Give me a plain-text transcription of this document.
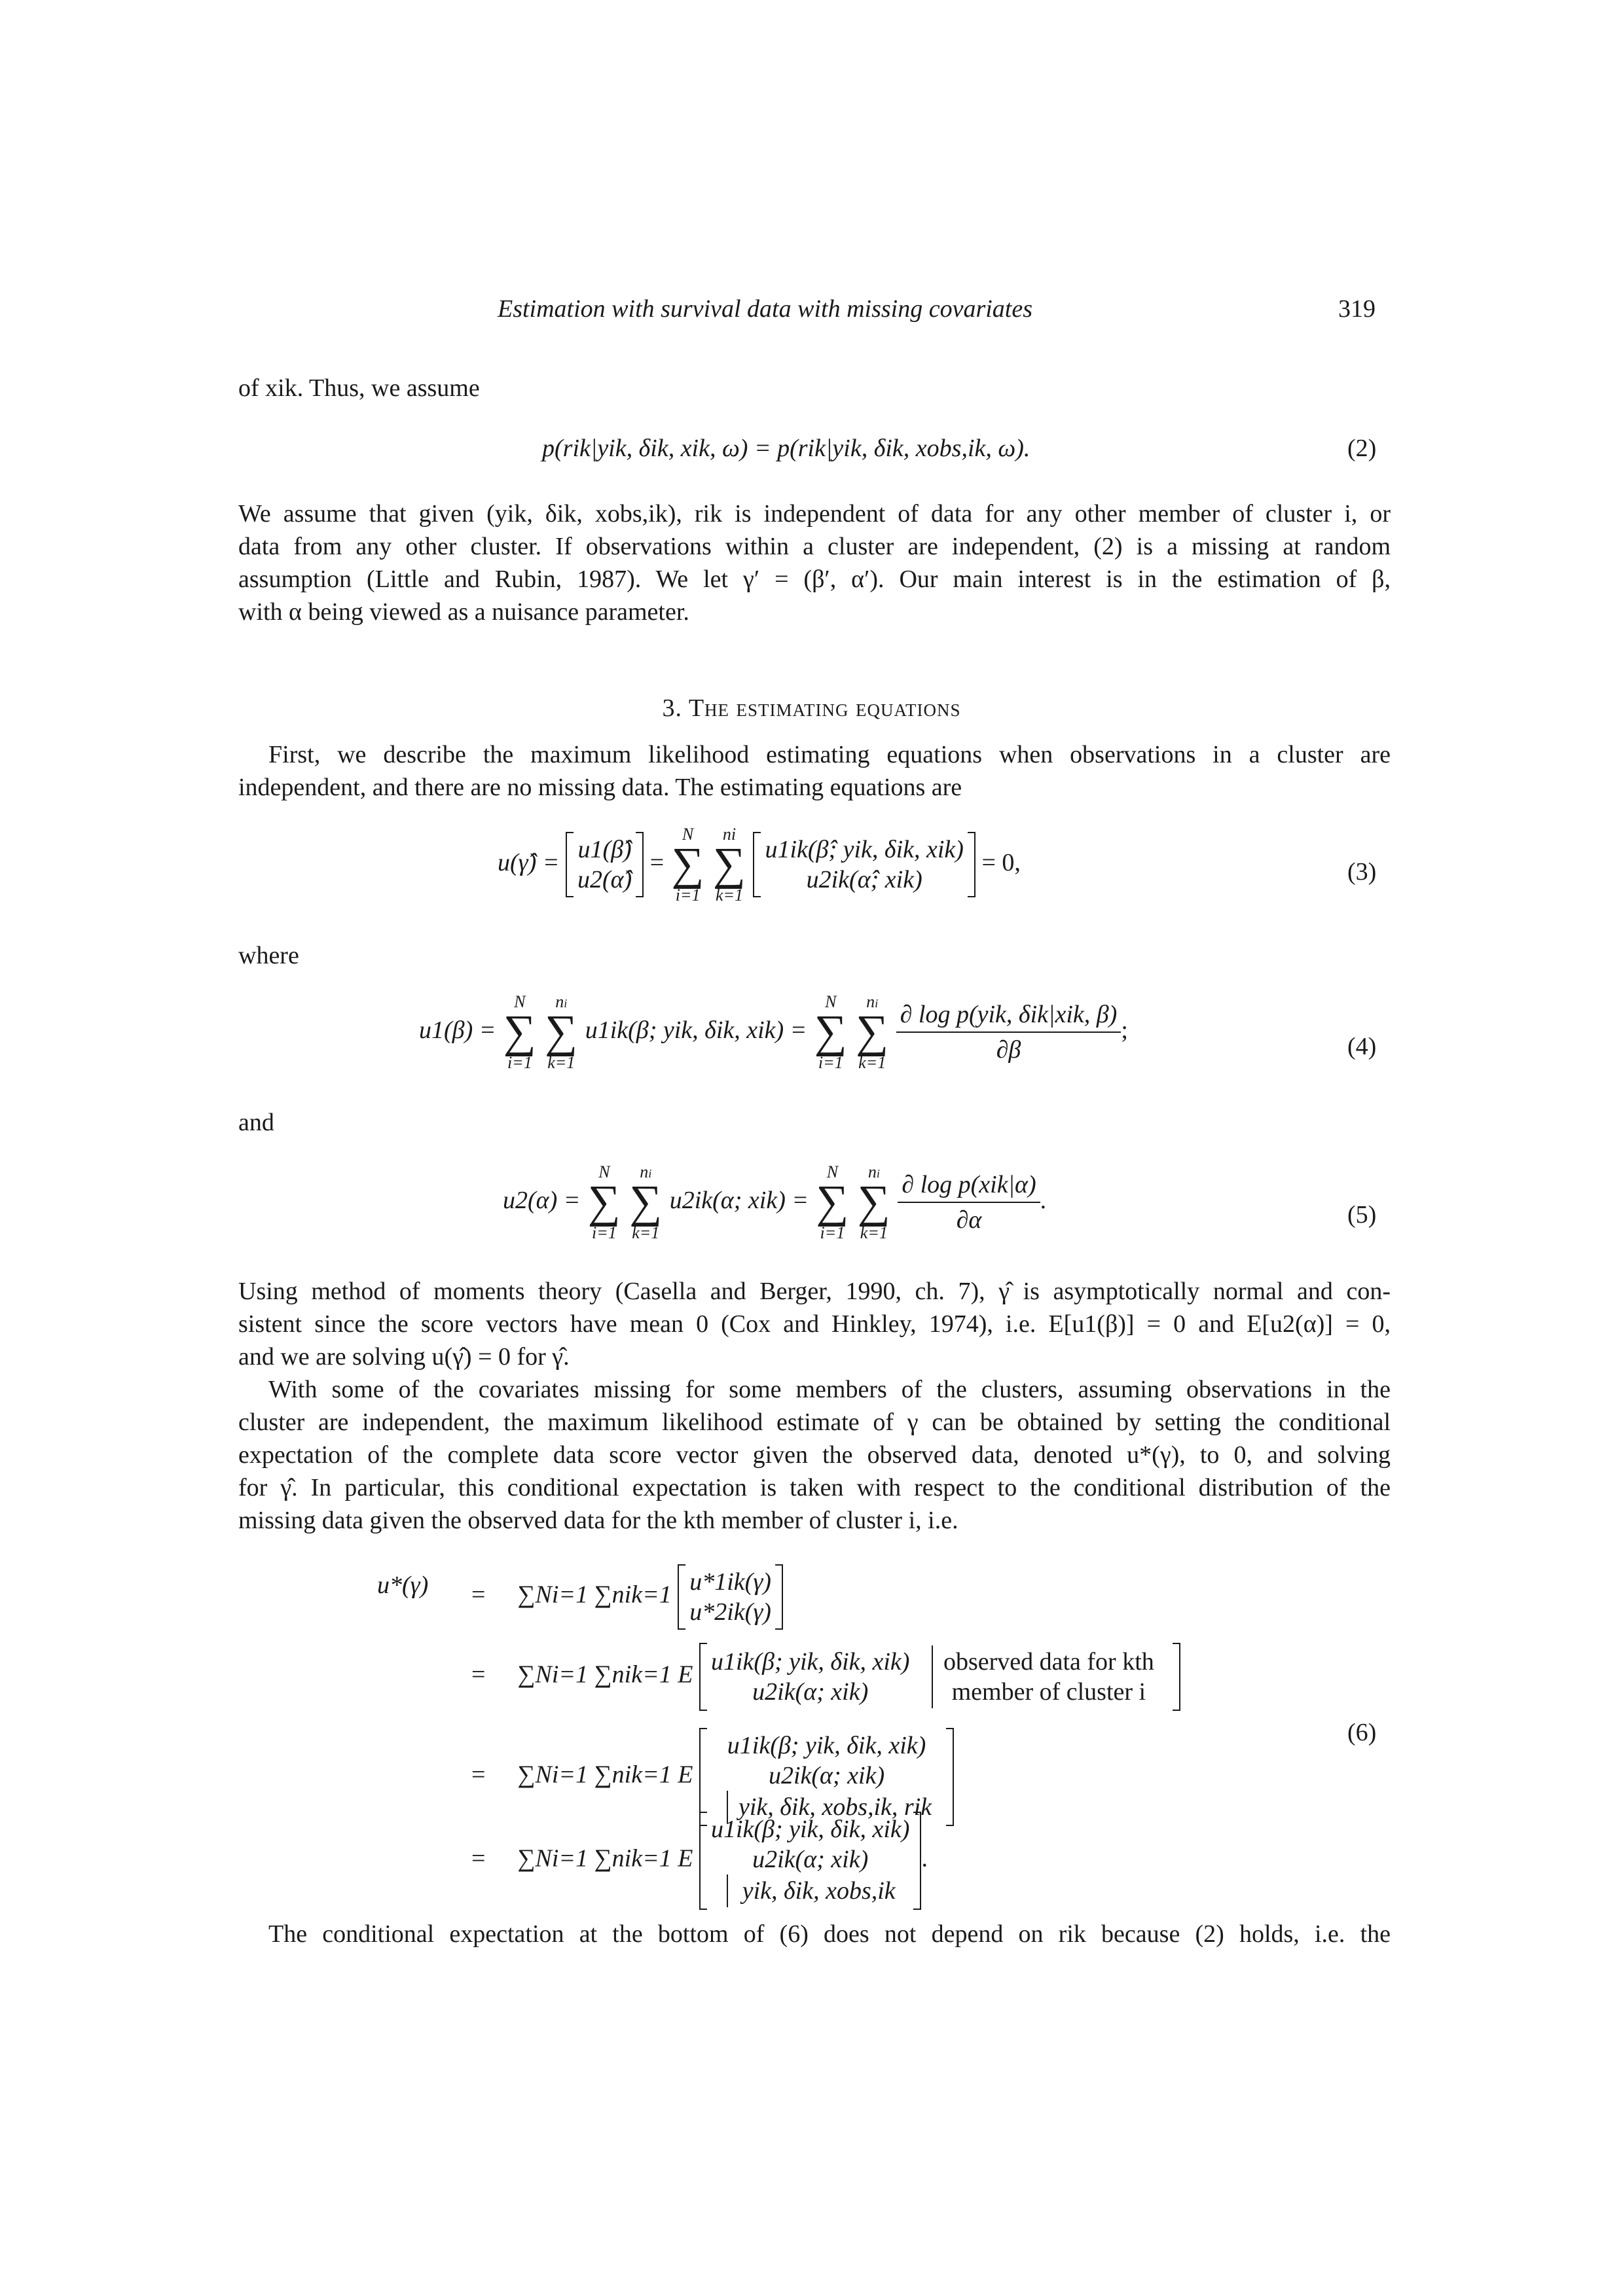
Estimation with survival data with missing covariates	319
of xik. Thus, we assume
p(rik|yik, δik, xik, ω) = p(rik|yik, δik, xobs,ik, ω).	(2)
We assume that given (yik, δik, xobs,ik), rik is independent of data for any other member of cluster i, or
data from any other cluster. If observations within a cluster are independent, (2) is a missing at random
assumption (Little and Rubin, 1987). We let γ′ = (β′, α′). Our main interest is in the estimation of β,
with α being viewed as a nuisance parameter.
3. The estimating equations
First, we describe the maximum likelihood estimating equations when observations in a cluster are
independent, and there are no missing data. The estimating equations are
u(γ̂) = u1(β̂)
u2(α̂)
=
N
∑
i=1

ni
∑
k=1

u1ik(β̂; yik, δik, xik)
u2ik(α̂; xik)
= 0,	(3)
where
u1(β) =
N
∑
i=1

ni
∑
k=1
u1ik(β; yik, δik, xik) =
N
∑
i=1

ni
∑
k=1
$\frac{\text{∂ log p(yik, δik|xik, β)}}{\partial\beta}$ ;
(4)
and
u2(α) =
N
∑
i=1

ni
∑
k=1
u2ik(α; xik) =
N
∑
i=1

ni
∑
k=1
$\frac{\text{∂ log p(xik|α)}}{\partial\alpha}$ .
(5)
Using method of moments theory (Casella and Berger, 1990, ch. 7), γ̂ is asymptotically normal and con-
sistent since the score vectors have mean 0 (Cox and Hinkley, 1974), i.e. E[u1(β)] = 0 and E[u2(α)] = 0,
and we are solving u(γ̂) = 0 for γ̂.
With some of the covariates missing for some members of the clusters, assuming observations in the
cluster are independent, the maximum likelihood estimate of γ can be obtained by setting the conditional
expectation of the complete data score vector given the observed data, denoted u*(γ), to 0, and solving
for γ̂. In particular, this conditional expectation is taken with respect to the conditional distribution of the
missing data given the observed data for the kth member of cluster i, i.e.
u*(γ) = ∑Ni=1 ∑nik=1 u*1ik(γ)
u*2ik(γ)
= ∑Ni=1 ∑nik=1 E u1ik(β; yik, δik, xik)
u2ik(α; xik)

observed data for kth
member of cluster i
= ∑Ni=1 ∑nik=1 E
u1ik(β; yik, δik, xik)
u2ik(α; xik)
yik, δik, xobs,ik, rik
= ∑Ni=1 ∑nik=1 E
u1ik(β; yik, δik, xik)
u2ik(α; xik)
yik, δik, xobs,ik
.
(6)
The conditional expectation at the bottom of (6) does not depend on rik because (2) holds, i.e. the
